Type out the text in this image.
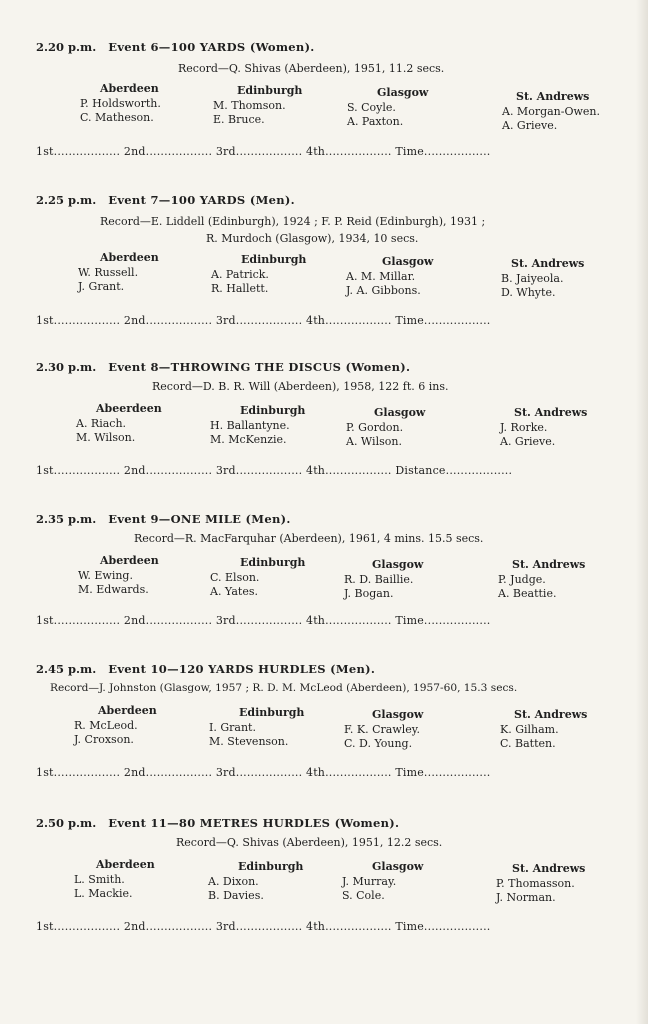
2.20 p.m. Event 6—100 YARDS (Women).
Record—Q. Shivas (Aberdeen), 1951, 11.2 secs.
Aberdeen
P. Holdsworth.
C. Matheson.
Edinburgh
M. Thomson.
E. Bruce.
Glasgow
S. Coyle.
A. Paxton.
St. Andrews
A. Morgan-Owen.
A. Grieve.
1st.................. 2nd.................. 3rd.................. 4th.................. Time..................
2.25 p.m. Event 7—100 YARDS (Men).
Record—E. Liddell (Edinburgh), 1924 ; F. P. Reid (Edinburgh), 1931 ;
R. Murdoch (Glasgow), 1934, 10 secs.
Aberdeen
W. Russell.
J. Grant.
Edinburgh
A. Patrick.
R. Hallett.
Glasgow
A. M. Millar.
J. A. Gibbons.
St. Andrews
B. Jaiyeola.
D. Whyte.
1st.................. 2nd.................. 3rd.................. 4th.................. Time..................
2.30 p.m. Event 8—THROWING THE DISCUS (Women).
Record—D. B. R. Will (Aberdeen), 1958, 122 ft. 6 ins.
Abeerdeen
A. Riach.
M. Wilson.
Edinburgh
H. Ballantyne.
M. McKenzie.
Glasgow
P. Gordon.
A. Wilson.
St. Andrews
J. Rorke.
A. Grieve.
1st.................. 2nd.................. 3rd.................. 4th.................. Distance..................
2.35 p.m. Event 9—ONE MILE (Men).
Record—R. MacFarquhar (Aberdeen), 1961, 4 mins. 15.5 secs.
Aberdeen
W. Ewing.
M. Edwards.
Edinburgh
C. Elson.
A. Yates.
Glasgow
R. D. Baillie.
J. Bogan.
St. Andrews
P. Judge.
A. Beattie.
1st.................. 2nd.................. 3rd.................. 4th.................. Time..................
2.45 p.m. Event 10—120 YARDS HURDLES (Men).
Record—J. Johnston (Glasgow, 1957 ; R. D. M. McLeod (Aberdeen), 1957-60, 15.3 secs.
Aberdeen
R. McLeod.
J. Croxson.
Edinburgh
I. Grant.
M. Stevenson.
Glasgow
F. K. Crawley.
C. D. Young.
St. Andrews
K. Gilham.
C. Batten.
1st.................. 2nd.................. 3rd.................. 4th.................. Time..................
2.50 p.m. Event 11—80 METRES HURDLES (Women).
Record—Q. Shivas (Aberdeen), 1951, 12.2 secs.
Aberdeen
L. Smith.
L. Mackie.
Edinburgh
A. Dixon.
B. Davies.
Glasgow
J. Murray.
S. Cole.
St. Andrews
P. Thomasson.
J. Norman.
1st.................. 2nd.................. 3rd.................. 4th.................. Time..................
